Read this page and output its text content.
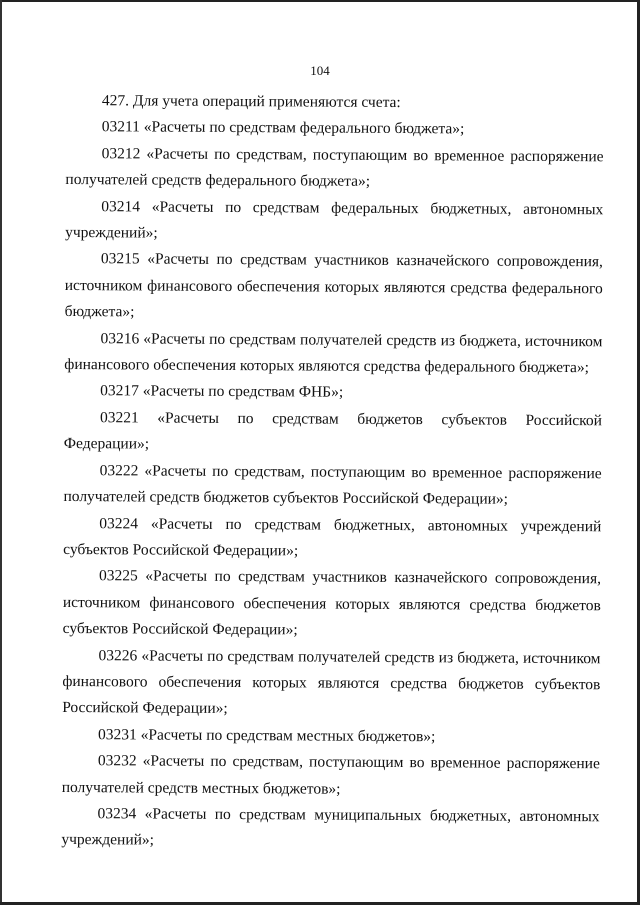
104

427. Для учета операций применяются счета:

03211 «Расчеты по средствам федерального бюджета»;

03212 «Расчеты по средствам, поступающим во временное распоряжение получателей средств федерального бюджета»;

03214 «Расчеты по средствам федеральных бюджетных, автономных учреждений»;

03215 «Расчеты по средствам участников казначейского сопровождения, источником финансового обеспечения которых являются средства федерального бюджета»;

03216 «Расчеты по средствам получателей средств из бюджета, источником финансового обеспечения которых являются средства федерального бюджета»;

03217 «Расчеты по средствам ФНБ»;

03221 «Расчеты по средствам бюджетов субъектов Российской Федерации»;

03222 «Расчеты по средствам, поступающим во временное распоряжение получателей средств бюджетов субъектов Российской Федерации»;

03224 «Расчеты по средствам бюджетных, автономных учреждений субъектов Российской Федерации»;

03225 «Расчеты по средствам участников казначейского сопровождения, источником финансового обеспечения которых являются средства бюджетов субъектов Российской Федерации»;

03226 «Расчеты по средствам получателей средств из бюджета, источником финансового обеспечения которых являются средства бюджетов субъектов Российской Федерации»;

03231 «Расчеты по средствам местных бюджетов»;

03232 «Расчеты по средствам, поступающим во временное распоряжение получателей средств местных бюджетов»;

03234 «Расчеты по средствам муниципальных бюджетных, автономных учреждений»;
